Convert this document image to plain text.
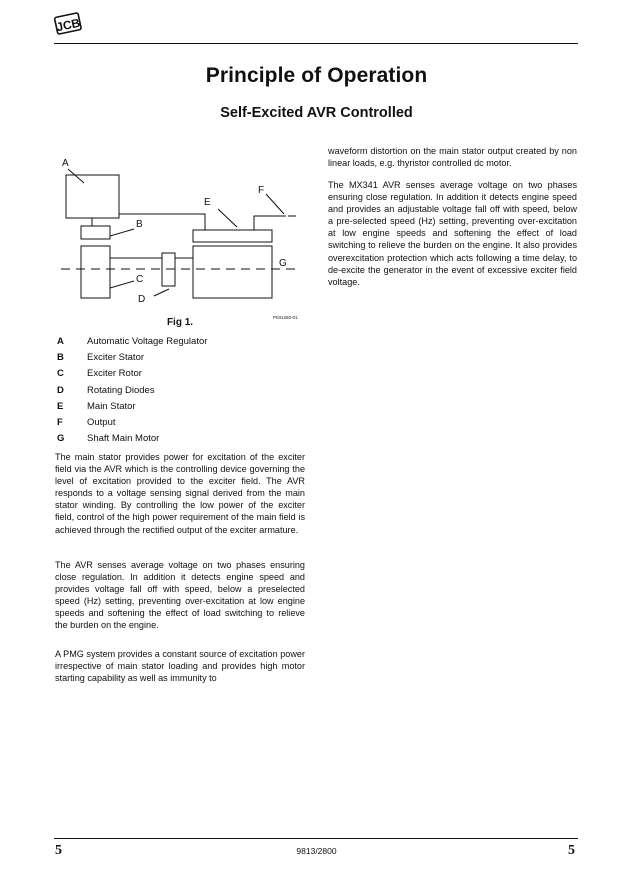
JCB
Principle of Operation
Self-Excited AVR Controlled
A
B
C
D
E
F
G
P031260-01
Fig 1.
A	Automatic Voltage Regulator
B	Exciter Stator
C	Exciter Rotor
D	Rotating Diodes
E	Main Stator
F	Output
G	Shaft Main Motor

The main stator provides power for excitation of the exciter field via the AVR which is the controlling device governing the level of excitation provided to the exciter field. The AVR responds to a voltage sensing signal derived from the main stator winding. By controlling the low power of the exciter field, control of the high power requirement of the main field is achieved through the rectified output of the exciter armature.

The AVR senses average voltage on two phases ensuring close regulation. In addition it detects engine speed and provides voltage fall off with speed, below a preselected speed (Hz) setting, preventing over-excitation at low engine speeds and softening the effect of load switching to relieve the burden on the engine.

A PMG system provides a constant source of excitation power irrespective of main stator loading and provides high motor starting capability as well as immunity to

waveform distortion on the main stator output created by non linear loads, e.g. thyristor controlled dc motor.

The MX341 AVR senses average voltage on two phases ensuring close regulation. In addition it detects engine speed and provides an adjustable voltage fall off with speed, below a pre-selected speed (Hz) setting, preventing over-excitation at low engine speeds and softening the effect of load switching to relieve the burden on the engine. It also provides overexcitation protection which acts following a time delay, to de-excite the generator in the event of excessive exciter field voltage.

5	9813/2800	5
